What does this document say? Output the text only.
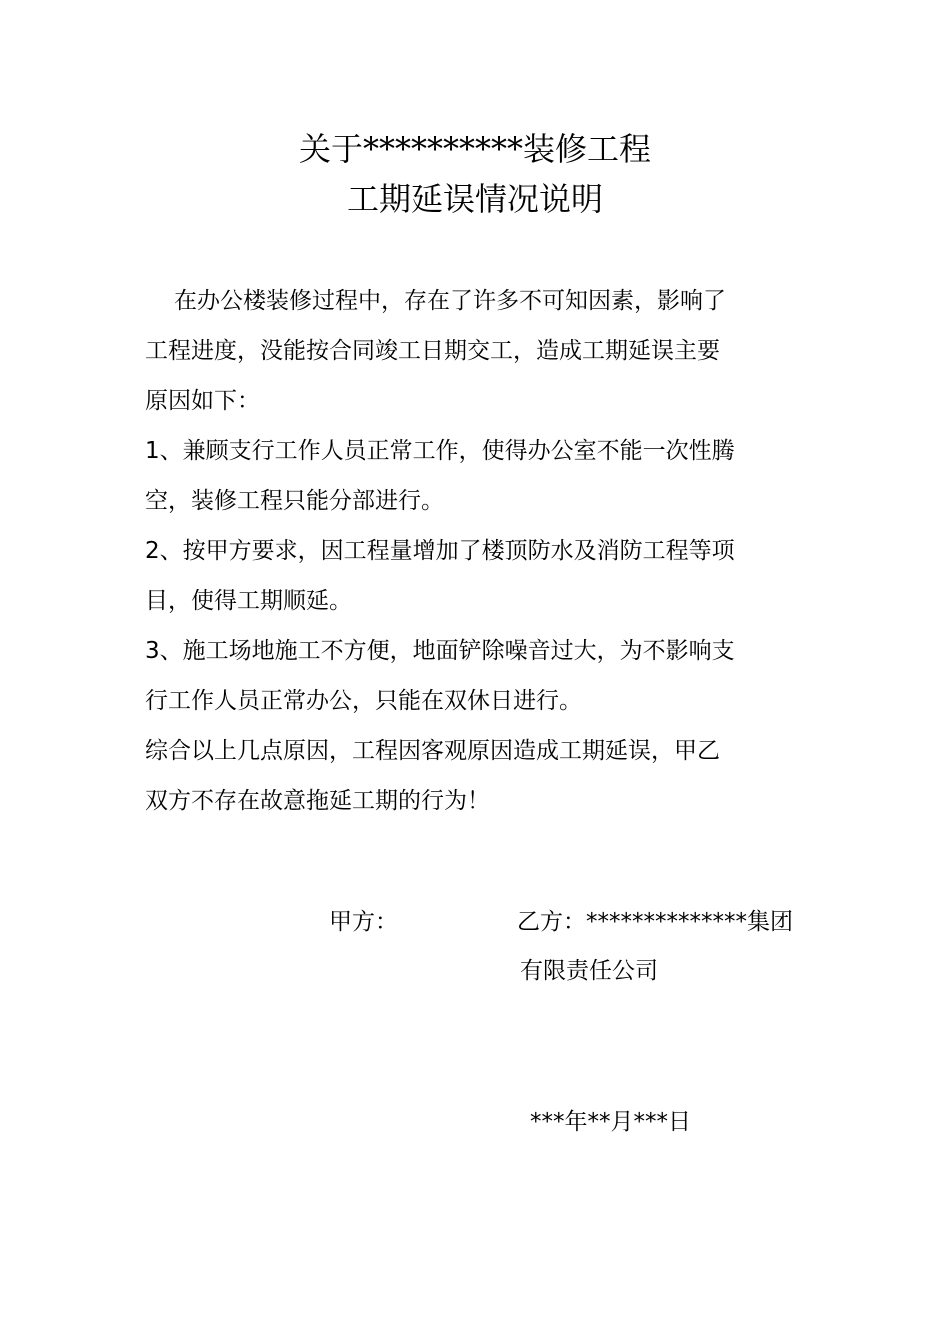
关于**********装修工程
工期延误情况说明
在办公楼装修过程中，存在了许多不可知因素，影响了
工程进度，没能按合同竣工日期交工，造成工期延误主要
原因如下：
1、兼顾支行工作人员正常工作，使得办公室不能一次性腾
空，装修工程只能分部进行。
2、按甲方要求，因工程量增加了楼顶防水及消防工程等项
目，使得工期顺延。
3、施工场地施工不方便，地面铲除噪音过大，为不影响支
行工作人员正常办公，只能在双休日进行。
综合以上几点原因，工程因客观原因造成工期延误，甲乙
双方不存在故意拖延工期的行为！
甲方：	乙方：**************集团
有限责任公司
***年**月***日
